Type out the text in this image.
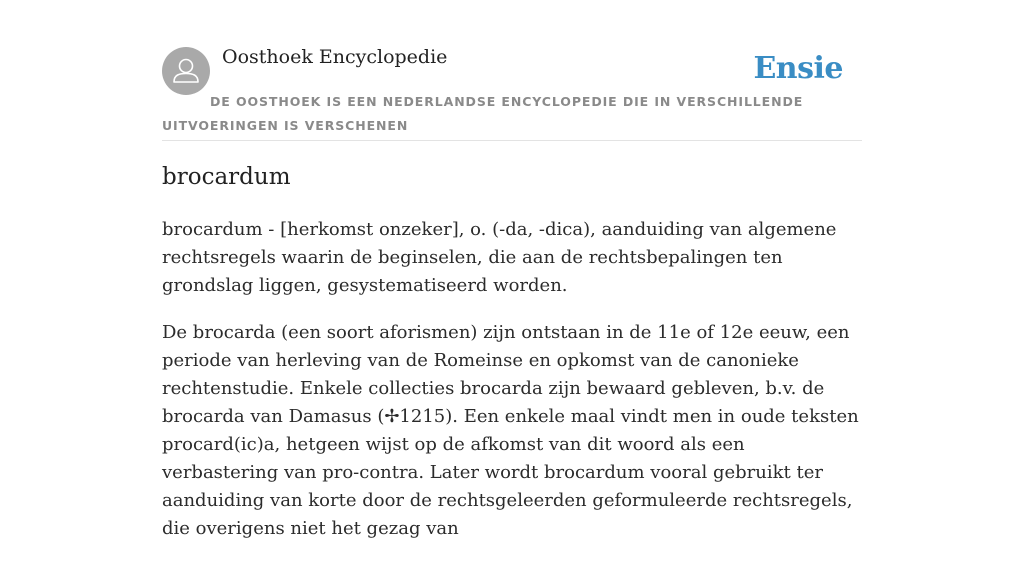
Oosthoek Encyclopedie	Ensie
DE OOSTHOEK IS EEN NEDERLANDSE ENCYCLOPEDIE DIE IN VERSCHILLENDE UITVOERINGEN IS VERSCHENEN
brocardum

brocardum - [herkomst onzeker], o. (-da, -dica), aanduiding van algemene rechtsregels waarin de beginselen, die aan de rechtsbepalingen ten grondslag liggen, gesystematiseerd worden.

De brocarda (een soort aforismen) zijn ontstaan in de 11e of 12e eeuw, een periode van herleving van de Romeinse en opkomst van de canonieke rechtenstudie. Enkele collecties brocarda zijn bewaard gebleven, b.v. de brocarda van Damasus (✢1215). Een enkele maal vindt men in oude teksten procard(ic)a, hetgeen wijst op de afkomst van dit woord als een verbastering van pro-contra. Later wordt brocardum vooral gebruikt ter aanduiding van korte door de rechtsgeleerden geformuleerde rechtsregels, die overigens niet het gezag van
